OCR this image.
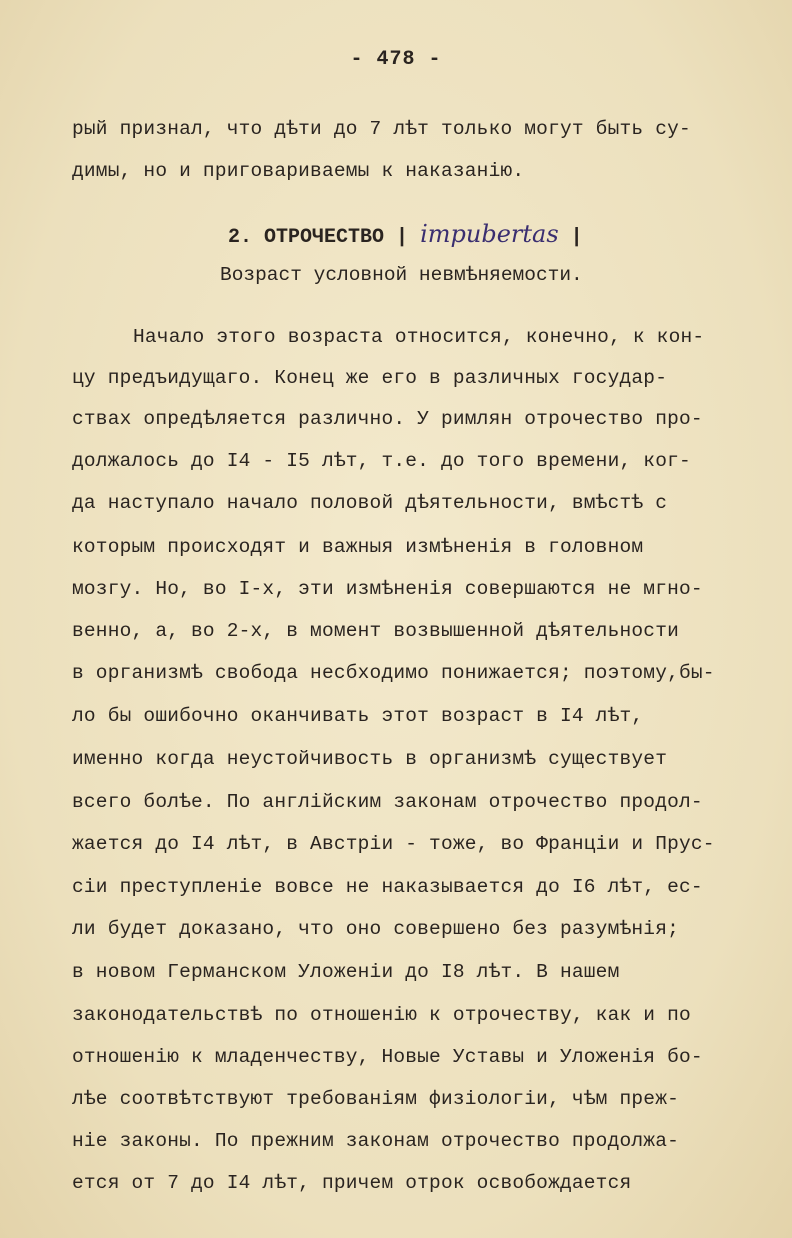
- 478 -
рый признал, что дѣти до 7 лѣт только могут быть су-
димы, но и приговариваемы к наказанію.
2. ОТРОЧЕСТВО | impubertas |
Возраст условной невмѣняемости.
Начало этого возраста относится, конечно, к кон-
цу предъидущаго. Конец же его в различных государ-
ствах опредѣляется различно. У римлян отрочество про-
должалось до I4 - I5 лѣт, т.е. до того времени, ког-
да наступало начало половой дѣятельности, вмѣстѣ с
которым происходят и важныя измѣненія в головном
мозгу. Но, во I-х, эти измѣненія совершаются не мгно-
венно, а, во 2-х, в момент возвышенной дѣятельности
в организмѣ свобода несбходимо понижается; поэтому,бы-
ло бы ошибочно оканчивать этот возраст в I4 лѣт,
именно когда неустойчивость в организмѣ существует
всего болѣе. По англійским законам отрочество продол-
жается до I4 лѣт, в Австріи - тоже, во Франціи и Прус-
сіи преступленіе вовсе не наказывается до I6 лѣт, ес-
ли будет доказано, что оно совершено без разумѣнія;
в новом Германском Уложеніи до I8 лѣт. В нашем
законодательствѣ по отношенію к отрочеству, как и по
отношенію к младенчеству, Новые Уставы и Уложенія бо-
лѣе соотвѣтствуют требованіям физіологіи, чѣм преж-
ніе законы. По прежним законам отрочество продолжа-
ется от 7 до I4 лѣт, причем отрок освобождается
